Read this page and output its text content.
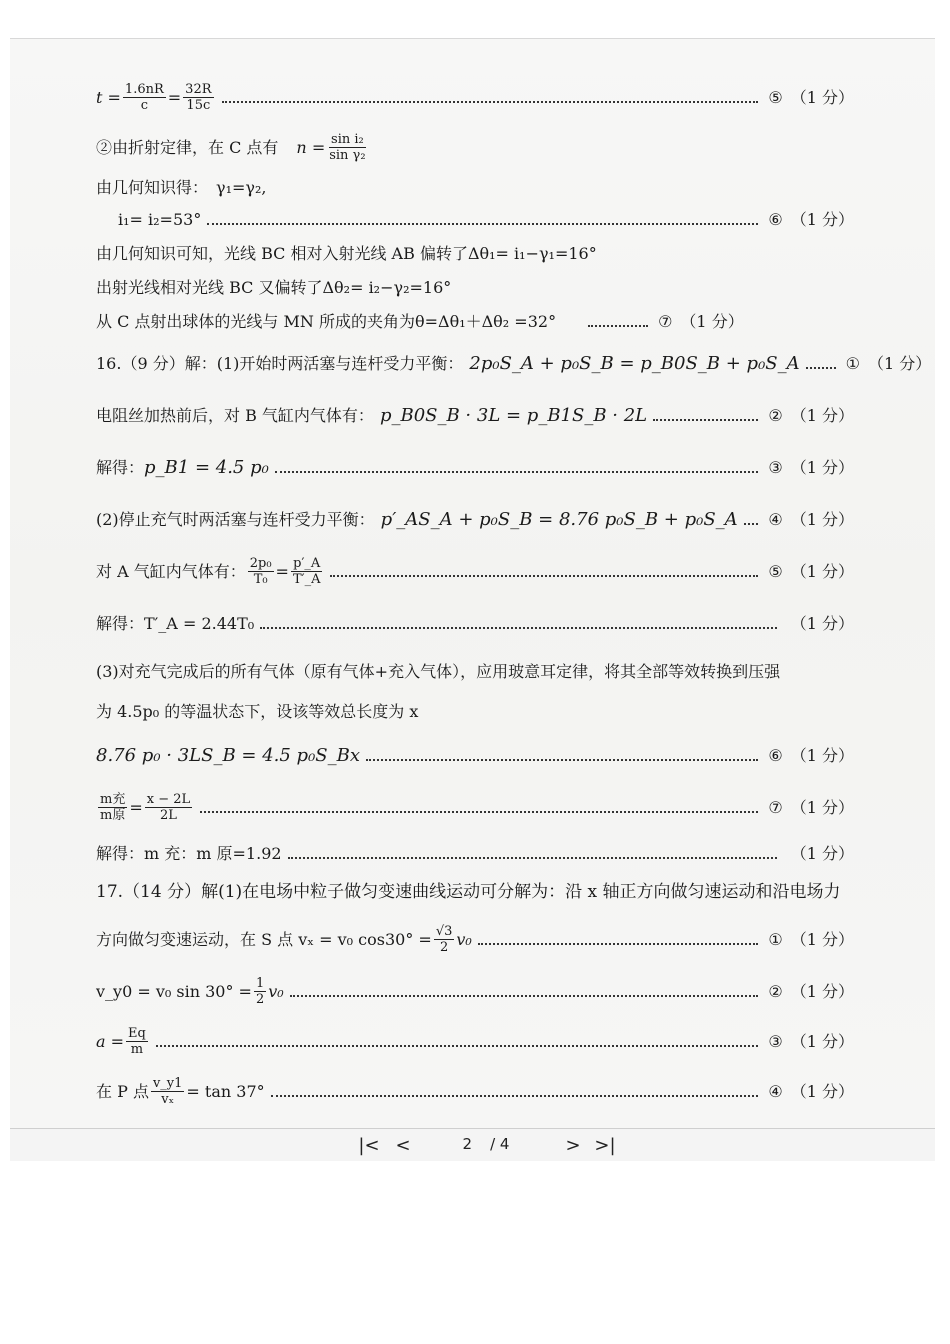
$t = \frac{1.6nR}{c} = \frac{32R}{15c}$	⑤ （1 分）
②由折射定律，在 C 点有 $n = \frac{\text{sin i₂}}{\text{sin γ₂}}$
由几何知识得：　γ₁=γ₂,
i₁= i₂=53°	⑥ （1 分）
由几何知识可知，光线 BC 相对入射光线 AB 偏转了Δθ₁= i₁−γ₁=16°
出射光线相对光线 BC 又偏转了Δθ₂= i₂−γ₂=16°
从 C 点射出球体的光线与 MN 所成的夹角为θ=Δθ₁＋Δθ₂ =32°	⑦ （1 分）
16.（9 分）解：(1)开始时两活塞与连杆受力平衡： 2p₀S_A + p₀S_B = p_B0S_B + p₀S_A	① （1 分）
电阻丝加热前后，对 B 气缸内气体有： p_B0S_B · 3L = p_B1S_B · 2L	② （1 分）
解得： p_B1 = 4.5 p₀	③ （1 分）
(2)停止充气时两活塞与连杆受力平衡： p′_AS_A + p₀S_B = 8.76 p₀S_B + p₀S_A ④ （1 分）
对 A 气缸内气体有： $\frac{\text{2p₀}}{\text{T₀}} = \frac{p'\_A}{T'\_A}$	⑤ （1 分）
解得：T′_A = 2.44T₀	（1 分）
(3)对充气完成后的所有气体（原有气体+充入气体），应用玻意耳定律，将其全部等效转换到压强
为 4.5p₀ 的等温状态下，设该等效总长度为 x
8.76 p₀ · 3LS_B = 4.5 p₀S_Bx	⑥ （1 分）
$\frac{\text{m充}}{\text{m原}} = \frac{x - 2L}{2L}$	⑦ （1 分）
解得：m 充：m 原=1.92	（1 分）
17.（14 分）解(1)在电场中粒子做匀变速曲线运动可分解为：沿 x 轴正方向做匀速运动和沿电场力
方向做匀变速运动，在 S 点 vₓ = v₀ $\cos 30^\circ = \frac{√3}{2} v_0$	① （1 分）
v_y0 = v₀ $\sin 30^\circ = \frac{1}{2} v_0$	② （1 分）
$a = \frac{Eq}{m}$	③ （1 分）
在 P 点 $\frac{v\_y1}{\text{vₓ}} = \tan 37^\circ$	④ （1 分）
|< <	2 / 4	> >|
